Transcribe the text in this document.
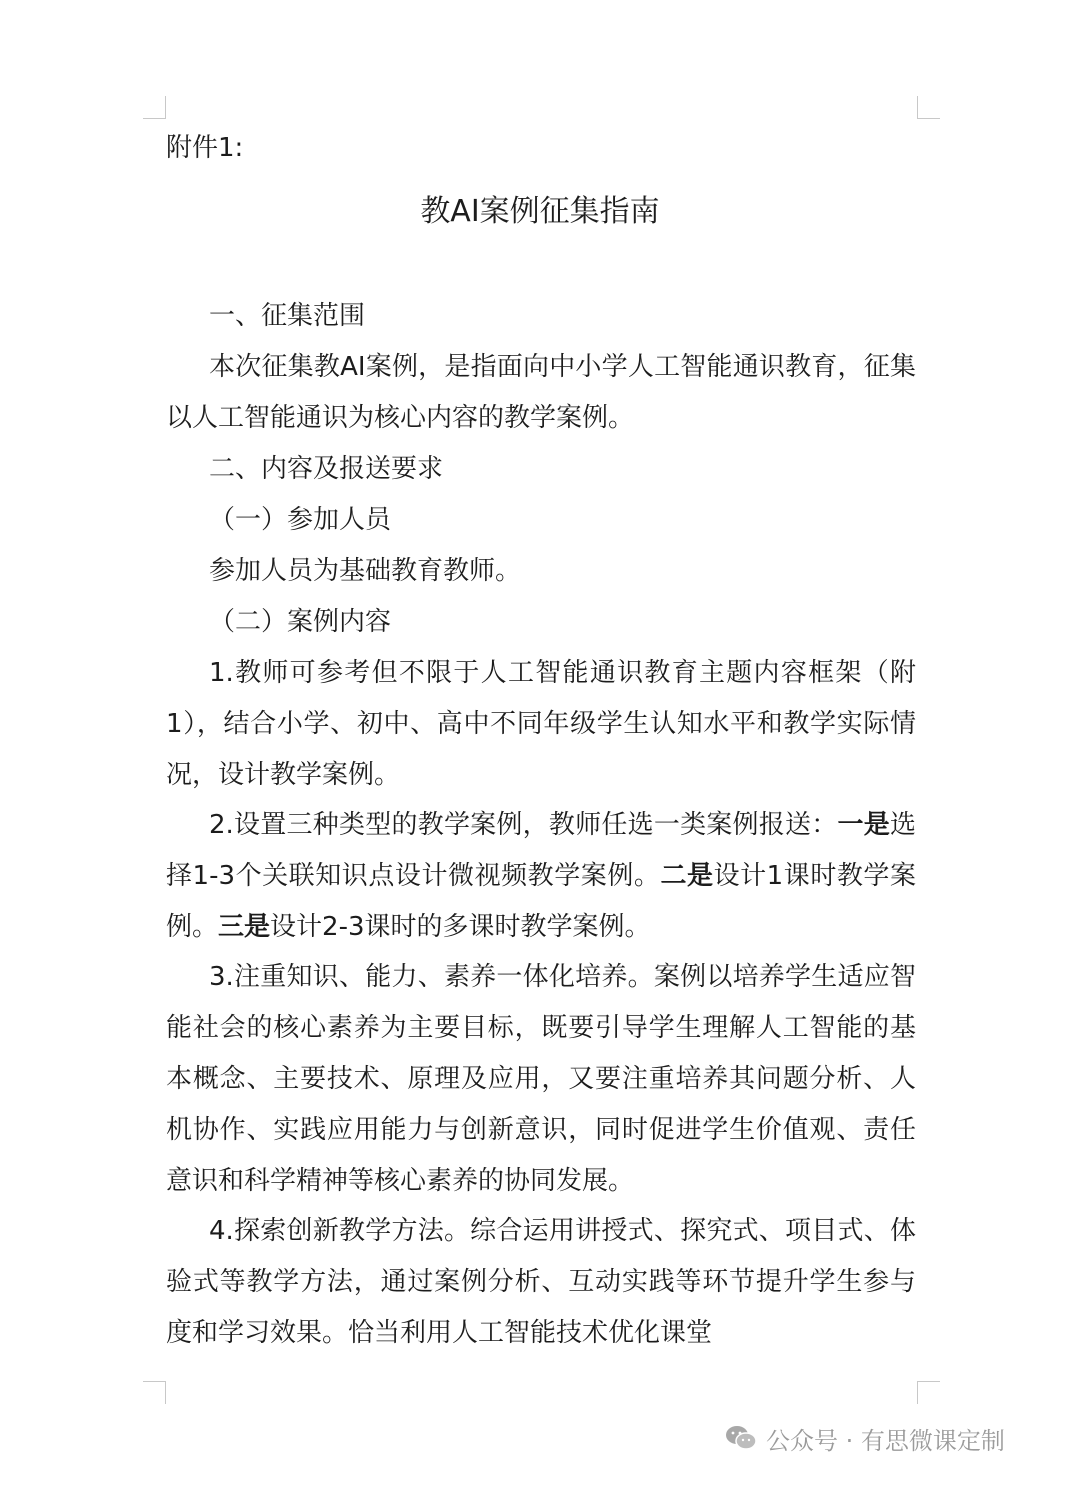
附件1:
教AI案例征集指南
一、征集范围
本次征集教AI案例，是指面向中小学人工智能通识教育，征集以人工智能通识为核心内容的教学案例。
二、内容及报送要求
（一）参加人员
参加人员为基础教育教师。
（二）案例内容
1.教师可参考但不限于人工智能通识教育主题内容框架（附1），结合小学、初中、高中不同年级学生认知水平和教学实际情况，设计教学案例。
2.设置三种类型的教学案例，教师任选一类案例报送：一是选择1-3个关联知识点设计微视频教学案例。二是设计1课时教学案例。三是设计2-3课时的多课时教学案例。
3.注重知识、能力、素养一体化培养。案例以培养学生适应智能社会的核心素养为主要目标，既要引导学生理解人工智能的基本概念、主要技术、原理及应用，又要注重培养其问题分析、人机协作、实践应用能力与创新意识，同时促进学生价值观、责任意识和科学精神等核心素养的协同发展。
4.探索创新教学方法。综合运用讲授式、探究式、项目式、体验式等教学方法，通过案例分析、互动实践等环节提升学生参与度和学习效果。恰当利用人工智能技术优化课堂
公众号 · 有思微课定制
